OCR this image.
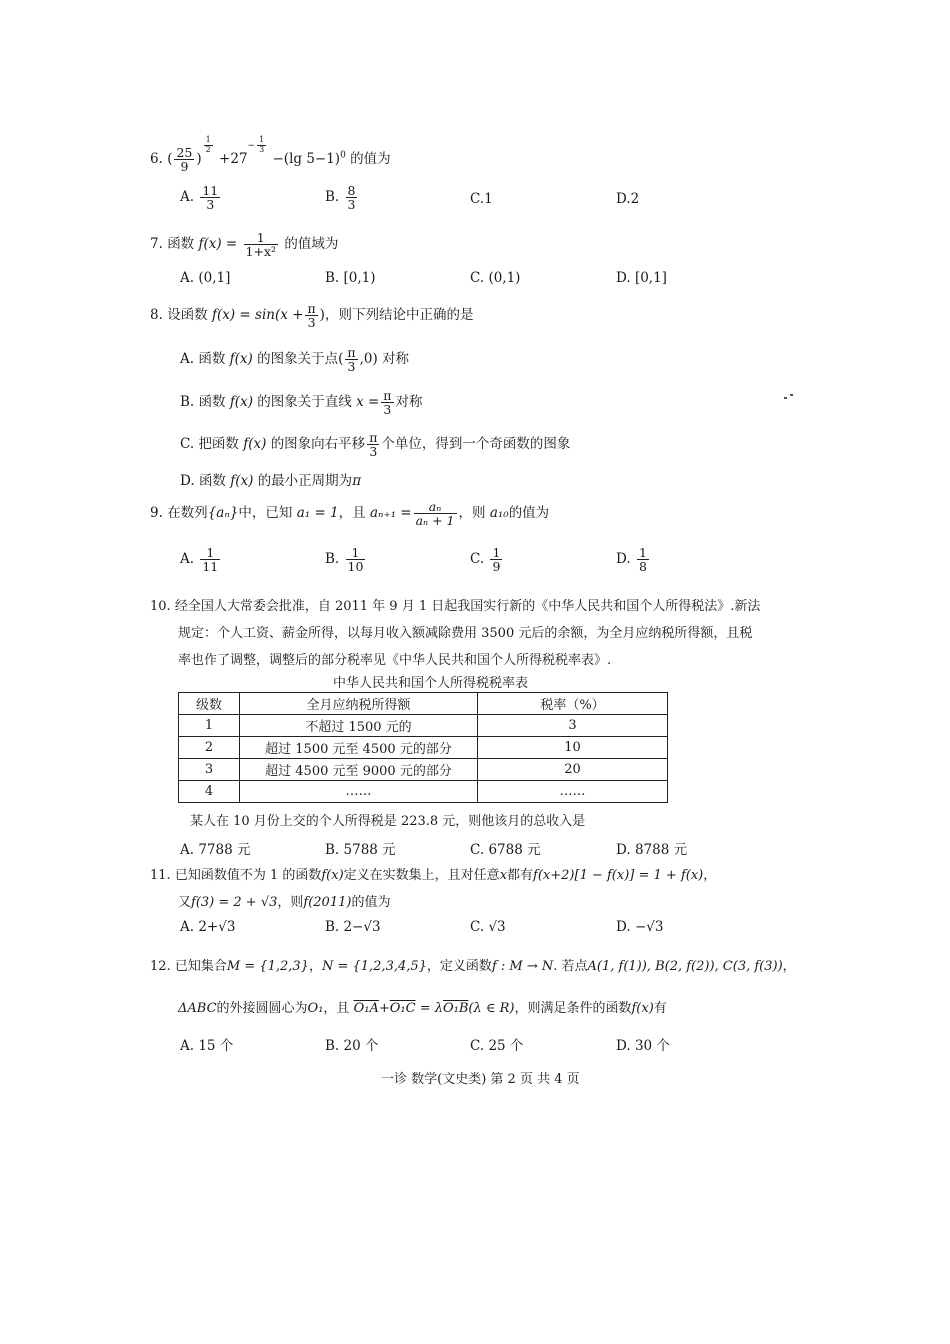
6. ( $\frac{25}{9}$ )
$^{\frac{1}{2}}$
$+27^{- \frac{1}{3}}$
−(lg 5−1)$^0$ 的值为
A. $\frac{11}{3}$	B. $\frac{8}{3}$	C.1	D.2
7. 函数 $f(x) = \frac{1}{\text{1+x²}}$ 的值域为
A. (0,1]	B. [0,1)	C. (0,1)	D. [0,1]
8. 设函数 $f(x) = \sin(x + \frac{\pi}{3}$ )，则下列结论中正确的是
A. 函数 f(x) 的图象关于点( $\frac{\pi}{3} ,0$) 对称
B. 函数 f(x) 的图象关于直线 $x = \frac{\pi}{3}$ 对称
C. 把函数 f(x) 的图象向右平移 $\frac{\pi}{3}$ 个单位，得到一个奇函数的图象
D. 函数 f(x) 的最小正周期为π
9. 在数列{aₙ}中，已知 a₁ = 1，且 $a_{n+1} = \frac{\text{aₙ}}{\text{aₙ + 1}}$ ，则 a₁₀的值为
A. $\frac{1}{11}$	B. $\frac{1}{10}$	C. $\frac{1}{9}$	D. $\frac{1}{8}$
10. 经全国人大常委会批准，自 2011 年 9 月 1 日起我国实行新的《中华人民共和国个人所得税法》.新法
规定：个人工资、薪金所得，以每月收入额减除费用 3500 元后的余额，为全月应纳税所得额，且税
率也作了调整，调整后的部分税率见《中华人民共和国个人所得税税率表》.
中华人民共和国个人所得税税率表
级数	全月应纳税所得额	税率（%）
1	不超过 1500 元的	3
2	超过 1500 元至 4500 元的部分	10
3	超过 4500 元至 9000 元的部分	20
4	……	……
某人在 10 月份上交的个人所得税是 223.8 元，则他该月的总收入是
A. 7788 元	B. 5788 元	C. 6788 元	D. 8788 元
11. 已知函数值不为 1 的函数f(x)定义在实数集上，且对任意x都有f(x+2)[1 − f(x)] = 1 + f(x)，
又f(3) = 2 + √3，则f(2011)的值为
A. 2+√3	B. 2−√3	C. √3	D. −√3
12. 已知集合M = {1,2,3}，N = {1,2,3,4,5}，定义函数f : M → N. 若点A(1, f(1)), B(2, f(2)), C(3, f(3))，
ΔABC的外接圆圆心为O₁，且 O₁A+O₁C = λO₁B(λ ∈ R)，则满足条件的函数f(x)有
A. 15 个	B. 20 个	C. 25 个	D. 30 个
一诊 数学(文史类) 第 2 页 共 4 页
